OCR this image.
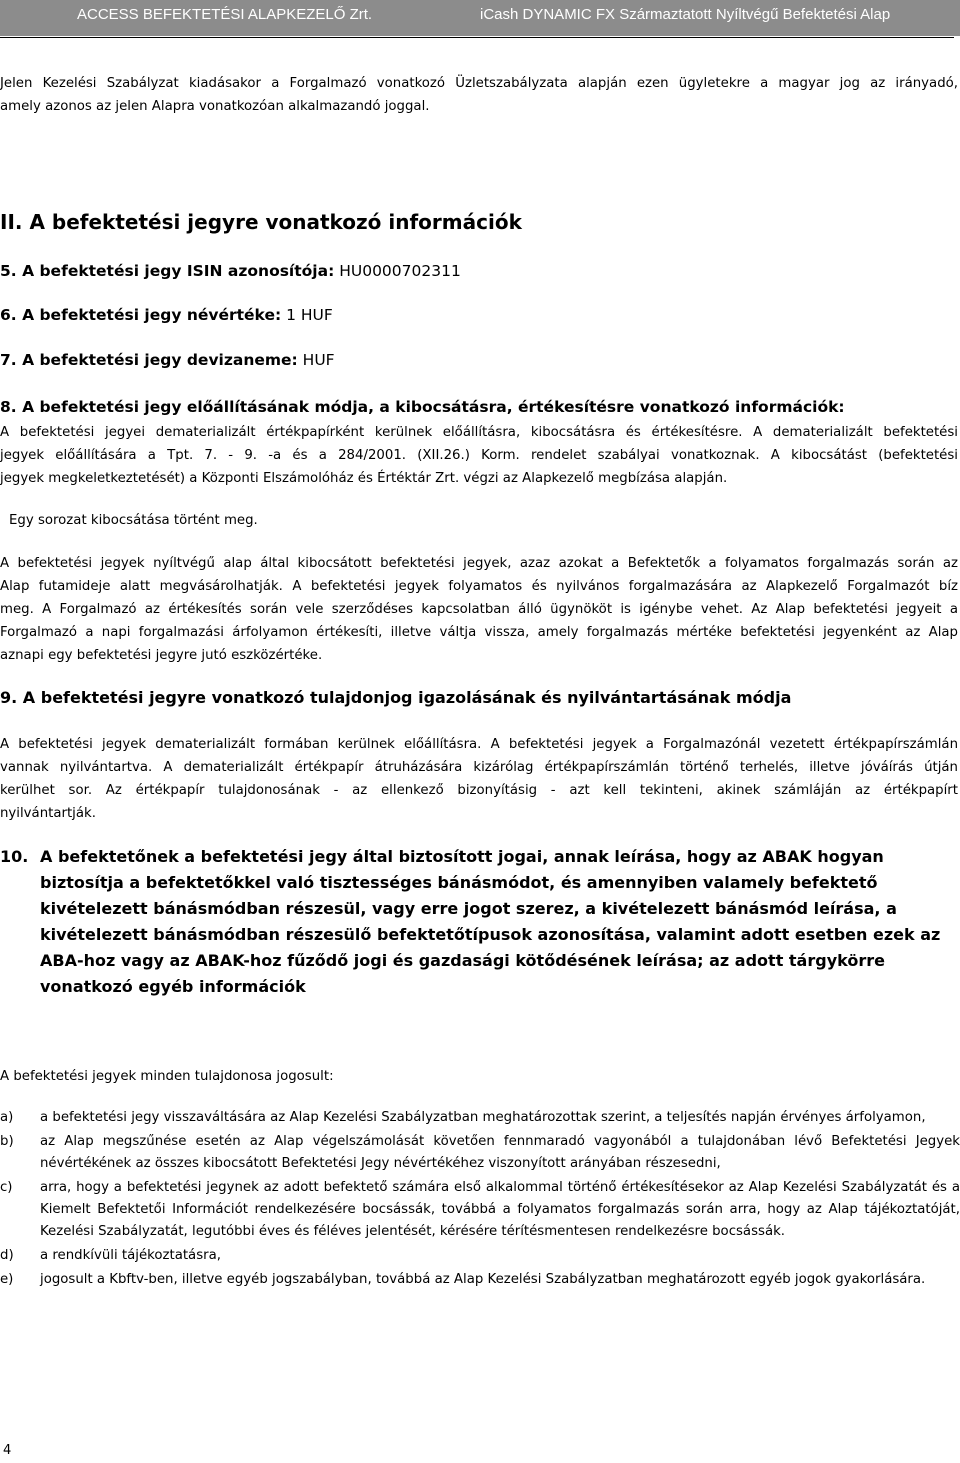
ACCESS BEFEKTETÉSI ALAPKEZELŐ Zrt.	iCash DYNAMIC FX Származtatott Nyíltvégű Befektetési Alap
Jelen Kezelési Szabályzat kiadásakor a Forgalmazó vonatkozó Üzletszabályzata alapján ezen ügyletekre a magyar jog az irányadó,
amely azonos az jelen Alapra vonatkozóan alkalmazandó joggal.
II. A befektetési jegyre vonatkozó információk
5. A befektetési jegy ISIN azonosítója: HU0000702311
6. A befektetési jegy névértéke: 1 HUF
7. A befektetési jegy devizaneme: HUF
8. A befektetési jegy előállításának módja, a kibocsátásra, értékesítésre vonatkozó információk:
A befektetési jegyei dematerializált értékpapírként kerülnek előállításra, kibocsátásra és értékesítésre. A dematerializált befektetési
jegyek előállítására a Tpt. 7. - 9. -a és a 284/2001. (XII.26.) Korm. rendelet szabályai vonatkoznak. A kibocsátást (befektetési
jegyek megkeletkeztetését) a Központi Elszámolóház és Értéktár Zrt. végzi az Alapkezelő megbízása alapján.
Egy sorozat kibocsátása történt meg.
A befektetési jegyek nyíltvégű alap által kibocsátott befektetési jegyek, azaz azokat a Befektetők a folyamatos forgalmazás során az
Alap futamideje alatt megvásárolhatják. A befektetési jegyek folyamatos és nyilvános forgalmazására az Alapkezelő Forgalmazót bíz
meg. A Forgalmazó az értékesítés során vele szerződéses kapcsolatban álló ügynököt is igénybe vehet. Az Alap befektetési jegyeit a
Forgalmazó a napi forgalmazási árfolyamon értékesíti, illetve váltja vissza, amely forgalmazás mértéke befektetési jegyenként az Alap
aznapi egy befektetési jegyre jutó eszközértéke.
9. A befektetési jegyre vonatkozó tulajdonjog igazolásának és nyilvántartásának módja
A befektetési jegyek dematerializált formában kerülnek előállításra. A befektetési jegyek a Forgalmazónál vezetett értékpapírszámlán
vannak nyilvántartva. A dematerializált értékpapír átruházására kizárólag értékpapírszámlán történő terhelés, illetve jóváírás útján
kerülhet sor. Az értékpapír tulajdonosának - az ellenkező bizonyításig - azt kell tekinteni, akinek számláján az értékpapírt
nyilvántartják.
10. A befektetőnek a befektetési jegy által biztosított jogai, annak leírása, hogy az ABAK hogyan biztosítja a befektetőkkel való tisztességes bánásmódot, és amennyiben valamely befektető kivételezett bánásmódban részesül, vagy erre jogot szerez, a kivételezett bánásmód leírása, a kivételezett bánásmódban részesülő befektetőtípusok azonosítása, valamint adott esetben ezek az ABA-hoz vagy az ABAK-hoz fűződő jogi és gazdasági kötődésének leírása; az adott tárgykörre vonatkozó egyéb információk
A befektetési jegyek minden tulajdonosa jogosult:
a) a befektetési jegy visszaváltására az Alap Kezelési Szabályzatban meghatározottak szerint, a teljesítés napján érvényes árfolyamon,
b) az Alap megszűnése esetén az Alap végelszámolását követően fennmaradó vagyonából a tulajdonában lévő Befektetési Jegyek névértékének az összes kibocsátott Befektetési Jegy névértékéhez viszonyított arányában részesedni,
c) arra, hogy a befektetési jegynek az adott befektető számára első alkalommal történő értékesítésekor az Alap Kezelési Szabályzatát és a Kiemelt Befektetői Információt rendelkezésére bocsássák, továbbá a folyamatos forgalmazás során arra, hogy az Alap tájékoztatóját, Kezelési Szabályzatát, legutóbbi éves és féléves jelentését, kérésére térítésmentesen rendelkezésre bocsássák.
d) a rendkívüli tájékoztatásra,
e) jogosult a Kbftv-ben, illetve egyéb jogszabályban, továbbá az Alap Kezelési Szabályzatban meghatározott egyéb jogok gyakorlására.
4
